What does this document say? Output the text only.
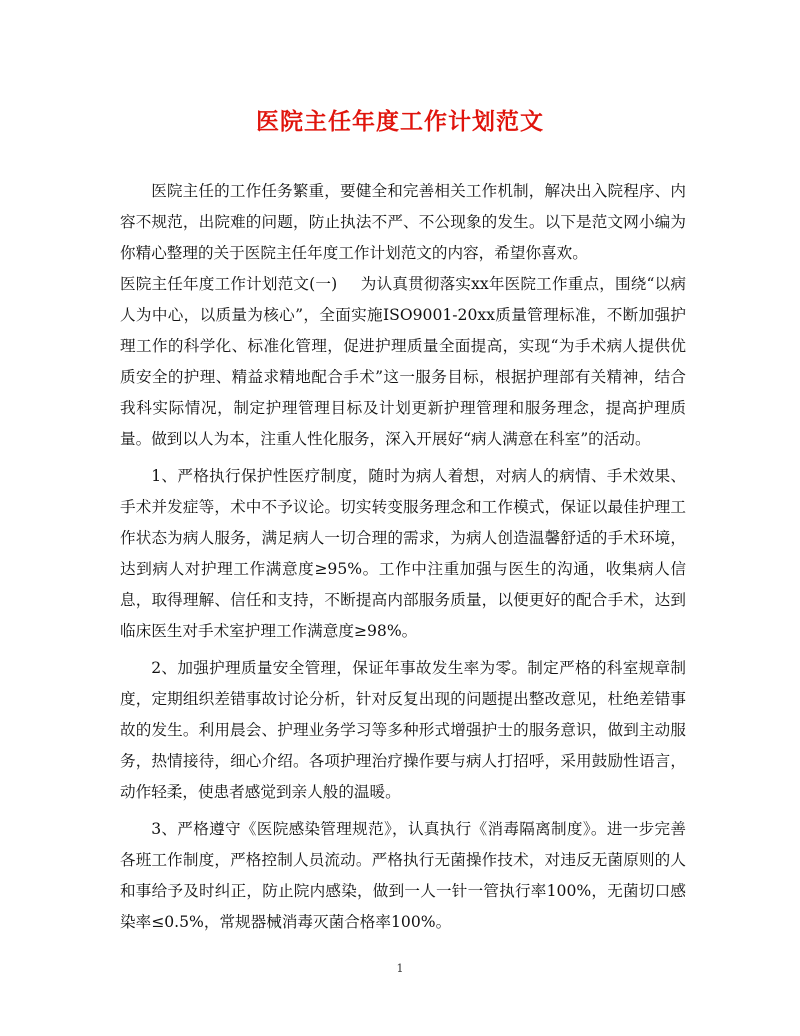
医院主任年度工作计划范文

医院主任的工作任务繁重，要健全和完善相关工作机制，解决出入院程序、内容不规范，出院难的问题，防止执法不严、不公现象的发生。以下是范文网小编为你精心整理的关于医院主任年度工作计划范文的内容，希望你喜欢。

医院主任年度工作计划范文(一) 为认真贯彻落实xx年医院工作重点，围绕“以病人为中心，以质量为核心”，全面实施ISO9001-20xx质量管理标准，不断加强护理工作的科学化、标准化管理，促进护理质量全面提高，实现“为手术病人提供优质安全的护理、精益求精地配合手术”这一服务目标，根据护理部有关精神，结合我科实际情况，制定护理管理目标及计划更新护理管理和服务理念，提高护理质量。做到以人为本，注重人性化服务，深入开展好“病人满意在科室”的活动。

1、严格执行保护性医疗制度，随时为病人着想，对病人的病情、手术效果、手术并发症等，术中不予议论。切实转变服务理念和工作模式，保证以最佳护理工作状态为病人服务，满足病人一切合理的需求，为病人创造温馨舒适的手术环境，达到病人对护理工作满意度≥95%。工作中注重加强与医生的沟通，收集病人信息，取得理解、信任和支持，不断提高内部服务质量，以便更好的配合手术，达到临床医生对手术室护理工作满意度≥98%。

2、加强护理质量安全管理，保证年事故发生率为零。制定严格的科室规章制度，定期组织差错事故讨论分析，针对反复出现的问题提出整改意见，杜绝差错事故的发生。利用晨会、护理业务学习等多种形式增强护士的服务意识，做到主动服务，热情接待，细心介绍。各项护理治疗操作要与病人打招呼，采用鼓励性语言，动作轻柔，使患者感觉到亲人般的温暖。

3、严格遵守《医院感染管理规范》，认真执行《消毒隔离制度》。进一步完善各班工作制度，严格控制人员流动。严格执行无菌操作技术，对违反无菌原则的人和事给予及时纠正，防止院内感染，做到一人一针一管执行率100%，无菌切口感染率≤0.5%，常规器械消毒灭菌合格率100%。

1
